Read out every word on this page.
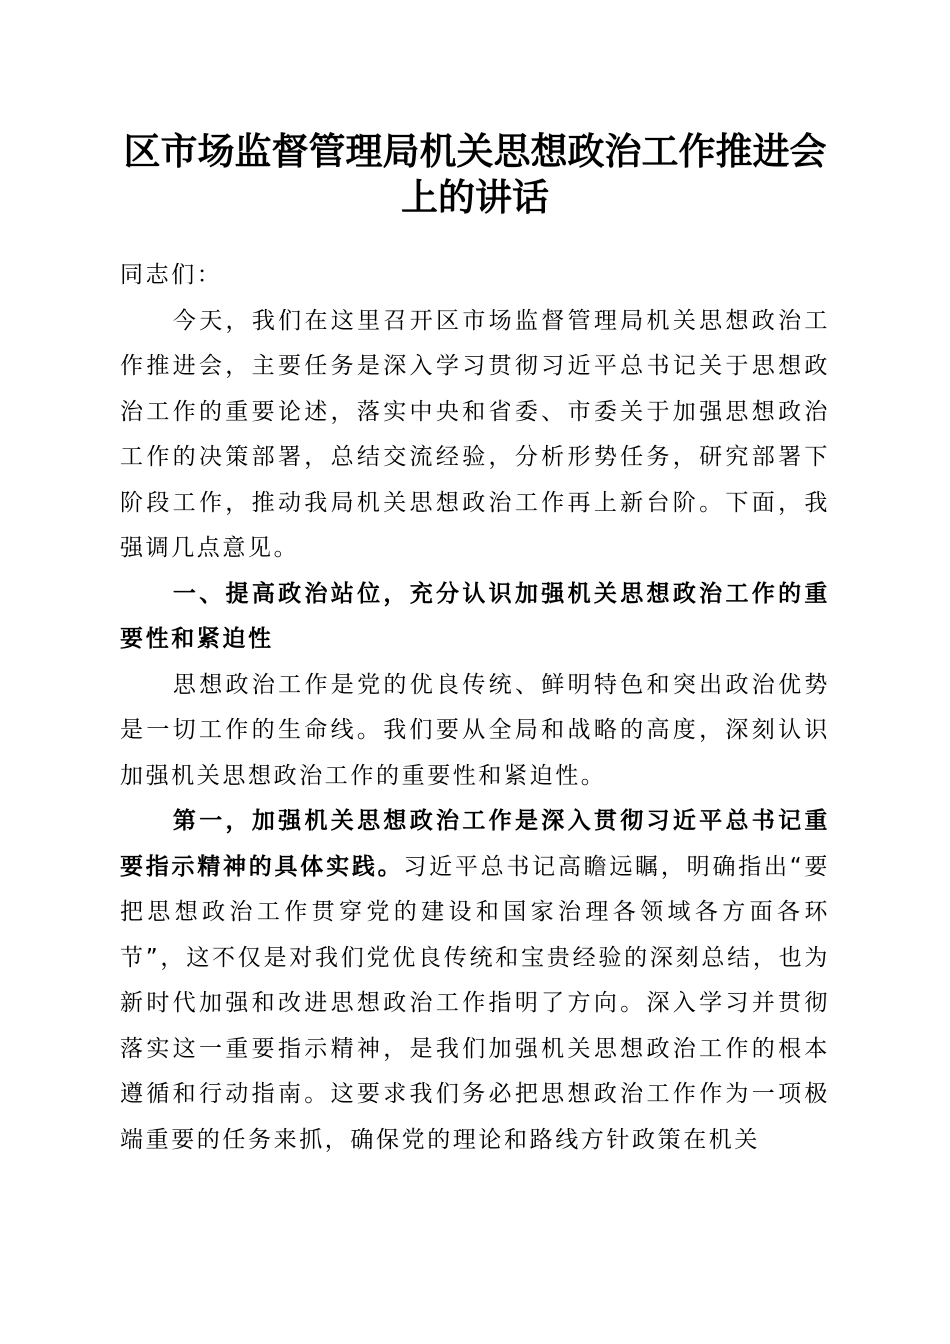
区市场监督管理局机关思想政治工作推进会上的讲话

同志们：

今天，我们在这里召开区市场监督管理局机关思想政治工作推进会，主要任务是深入学习贯彻习近平总书记关于思想政治工作的重要论述，落实中央和省委、市委关于加强思想政治工作的决策部署，总结交流经验，分析形势任务，研究部署下阶段工作，推动我局机关思想政治工作再上新台阶。下面，我强调几点意见。

一、提高政治站位，充分认识加强机关思想政治工作的重要性和紧迫性

思想政治工作是党的优良传统、鲜明特色和突出政治优势是一切工作的生命线。我们要从全局和战略的高度，深刻认识加强机关思想政治工作的重要性和紧迫性。

第一，加强机关思想政治工作是深入贯彻习近平总书记重要指示精神的具体实践。习近平总书记高瞻远瞩，明确指出“要把思想政治工作贯穿党的建设和国家治理各领域各方面各环节”，这不仅是对我们党优良传统和宝贵经验的深刻总结，也为新时代加强和改进思想政治工作指明了方向。深入学习并贯彻落实这一重要指示精神，是我们加强机关思想政治工作的根本遵循和行动指南。这要求我们务必把思想政治工作作为一项极端重要的任务来抓，确保党的理论和路线方针政策在机关
